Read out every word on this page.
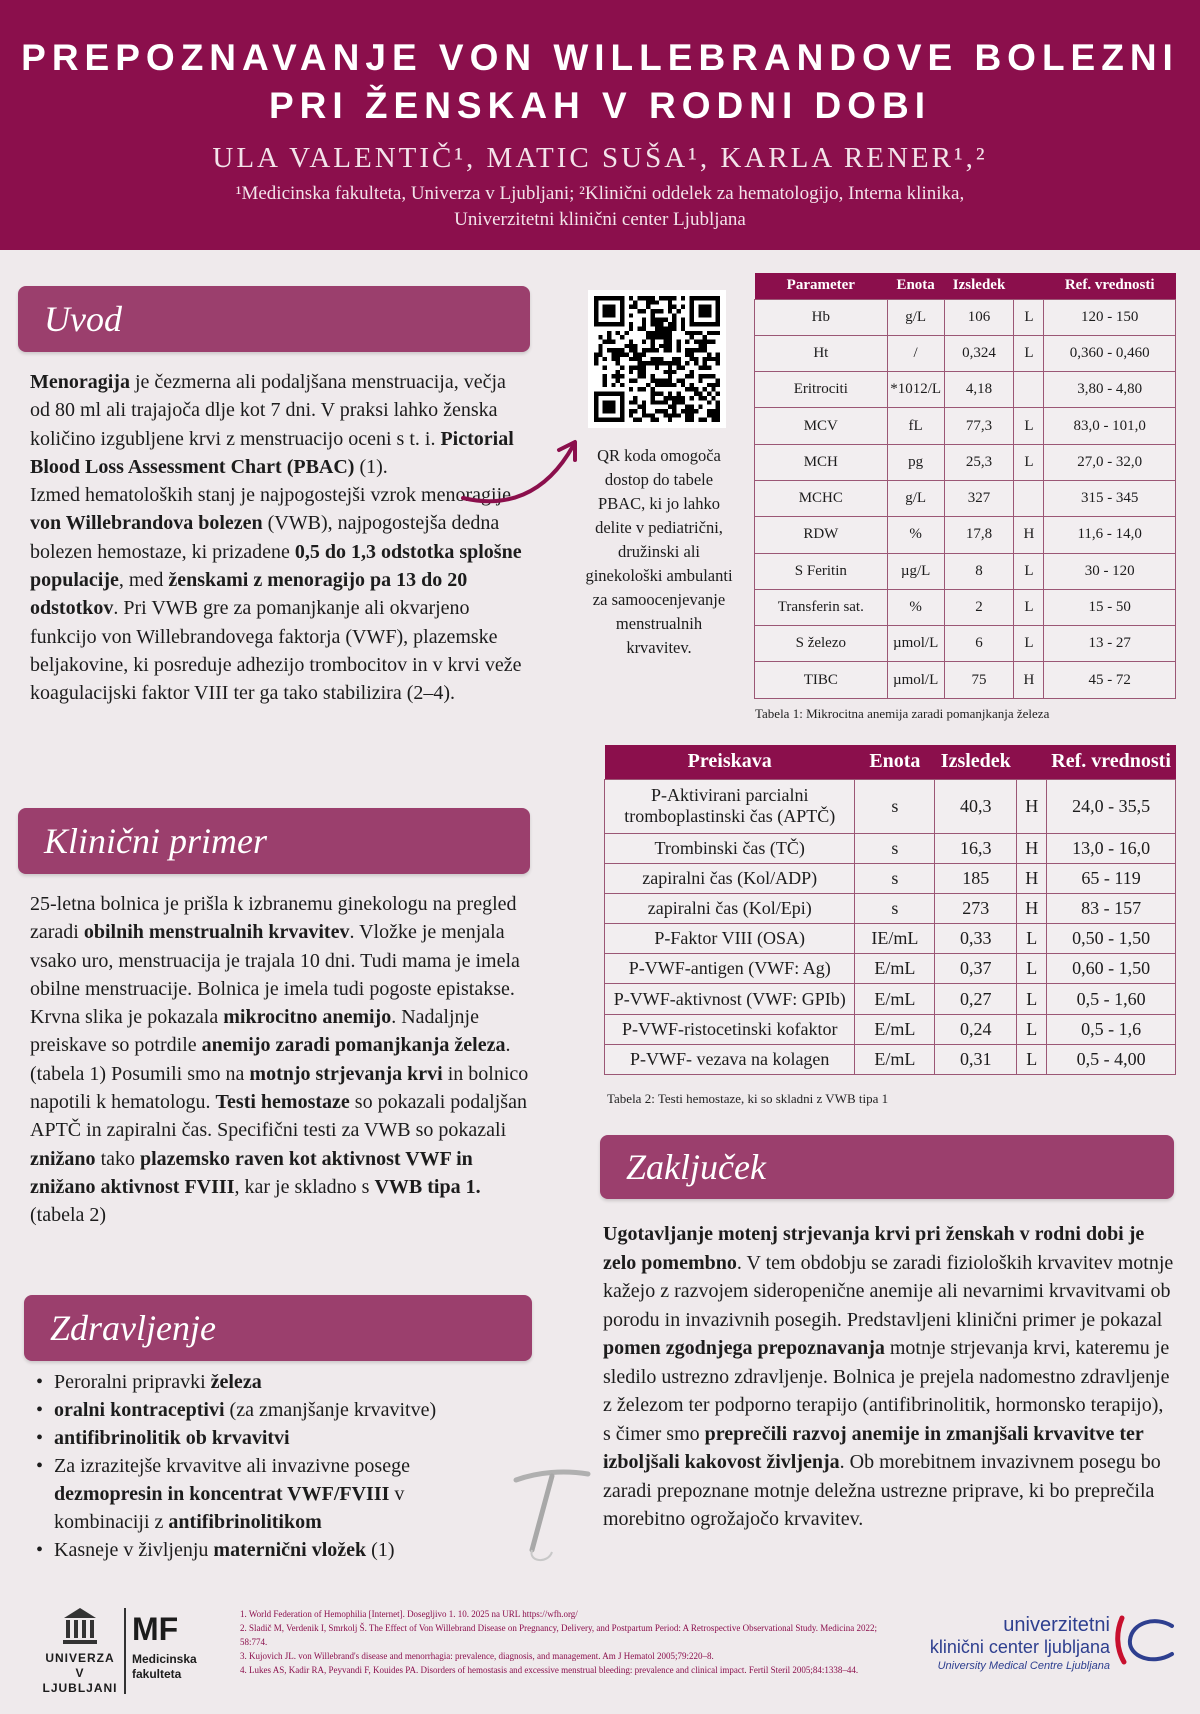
PREPOZNAVANJE VON WILLEBRANDOVE BOLEZNI
PRI ŽENSKAH V RODNI DOBI
ULA VALENTIČ¹, MATIC SUŠA¹, KARLA RENER¹,²
¹Medicinska fakulteta, Univerza v Ljubljani; ²Klinični oddelek za hematologijo, Interna klinika,
Univerzitetni klinični center Ljubljana
Uvod
Menoragija je čezmerna ali podaljšana menstruacija, večja od 80 ml ali trajajoča dlje kot 7 dni. V praksi lahko ženska količino izgubljene krvi z menstruacijo oceni s t. i. Pictorial Blood Loss Assessment Chart (PBAC) (1).
Izmed hematoloških stanj je najpogostejši vzrok menoragije von Willebrandova bolezen (VWB), najpogostejša dedna bolezen hemostaze, ki prizadene 0,5 do 1,3 odstotka splošne populacije, med ženskami z menoragijo pa 13 do 20 odstotkov. Pri VWB gre za pomanjkanje ali okvarjeno funkcijo von Willebrandovega faktorja (VWF), plazemske beljakovine, ki posreduje adhezijo trombocitov in v krvi veže koagulacijski faktor VIII ter ga tako stabilizira (2–4).
QR koda omogoča dostop do tabele PBAC, ki jo lahko delite v pediatrični, družinski ali ginekološki ambulanti za samoocenjevanje menstrualnih krvavitev.
Parameter	Enota	Izsledek		Ref. vrednosti
Hb	g/L	106	L	120 - 150
Ht	/	0,324	L	0,360 - 0,460
Eritrociti	*1012/L	4,18		3,80 - 4,80
MCV	fL	77,3	L	83,0 - 101,0
MCH	pg	25,3	L	27,0 - 32,0
MCHC	g/L	327		315 - 345
RDW	%	17,8	H	11,6 - 14,0
S Feritin	µg/L	8	L	30 - 120
Transferin sat.	%	2	L	15 - 50
S železo	µmol/L	6	L	13 - 27
TIBC	µmol/L	75	H	45 - 72
Tabela 1: Mikrocitna anemija zaradi pomanjkanja železa
Preiskava	Enota	Izsledek		Ref. vrednosti
P-Aktivirani parcialni tromboplastinski čas (APTČ)	s	40,3	H	24,0 - 35,5
Trombinski čas (TČ)	s	16,3	H	13,0 - 16,0
zapiralni čas (Kol/ADP)	s	185	H	65 - 119
zapiralni čas (Kol/Epi)	s	273	H	83 - 157
P-Faktor VIII (OSA)	IE/mL	0,33	L	0,50 - 1,50
P-VWF-antigen (VWF: Ag)	E/mL	0,37	L	0,60 - 1,50
P-VWF-aktivnost (VWF: GPIb)	E/mL	0,27	L	0,5 - 1,60
P-VWF-ristocetinski kofaktor	E/mL	0,24	L	0,5 - 1,6
P-VWF- vezava na kolagen	E/mL	0,31	L	0,5 - 4,00
Tabela 2: Testi hemostaze, ki so skladni z VWB tipa 1
Klinični primer
25-letna bolnica je prišla k izbranemu ginekologu na pregled zaradi obilnih menstrualnih krvavitev. Vložke je menjala vsako uro, menstruacija je trajala 10 dni. Tudi mama je imela obilne menstruacije. Bolnica je imela tudi pogoste epistakse. Krvna slika je pokazala mikrocitno anemijo. Nadaljnje preiskave so potrdile anemijo zaradi pomanjkanja železa. (tabela 1) Posumili smo na motnjo strjevanja krvi in bolnico napotili k hematologu. Testi hemostaze so pokazali podaljšan APTČ in zapiralni čas. Specifični testi za VWB so pokazali znižano tako plazemsko raven kot aktivnost VWF in znižano aktivnost FVIII, kar je skladno s VWB tipa 1. (tabela 2)
Zdravljenje
• Peroralni pripravki železa
• oralni kontraceptivi (za zmanjšanje krvavitve)
• antifibrinolitik ob krvavitvi
• Za izrazitejše krvavitve ali invazivne posege dezmopresin in koncentrat VWF/FVIII v kombinaciji z antifibrinolitikom
• Kasneje v življenju maternični vložek (1)
Zaključek
Ugotavljanje motenj strjevanja krvi pri ženskah v rodni dobi je zelo pomembno. V tem obdobju se zaradi fizioloških krvavitev motnje kažejo z razvojem sideropenične anemije ali nevarnimi krvavitvami ob porodu in invazivnih posegih. Predstavljeni klinični primer je pokazal pomen zgodnjega prepoznavanja motnje strjevanja krvi, kateremu je sledilo ustrezno zdravljenje. Bolnica je prejela nadomestno zdravljenje z železom ter podporno terapijo (antifibrinolitik, hormonsko terapijo), s čimer smo preprečili razvoj anemije in zmanjšali krvavitve ter izboljšali kakovost življenja. Ob morebitnem invazivnem posegu bo zaradi prepoznane motnje deležna ustrezne priprave, ki bo preprečila morebitno ogrožajočo krvavitev.
UNIVERZA
V LJUBLJANI
MF
Medicinska
fakulteta
1. World Federation of Hemophilia [Internet]. Dosegljivo 1. 10. 2025 na URL https://wfh.org/
2. Sladič M, Verdenik I, Smrkolj Š. The Effect of Von Willebrand Disease on Pregnancy, Delivery, and Postpartum Period: A Retrospective Observational Study. Medicina 2022; 58:774.
3. Kujovich JL. von Willebrand's disease and menorrhagia: prevalence, diagnosis, and management. Am J Hematol 2005;79:220–8.
4. Lukes AS, Kadir RA, Peyvandi F, Kouides PA. Disorders of hemostasis and excessive menstrual bleeding: prevalence and clinical impact. Fertil Steril 2005;84:1338–44.
univerzitetni
klinični center ljubljana
University Medical Centre Ljubljana
